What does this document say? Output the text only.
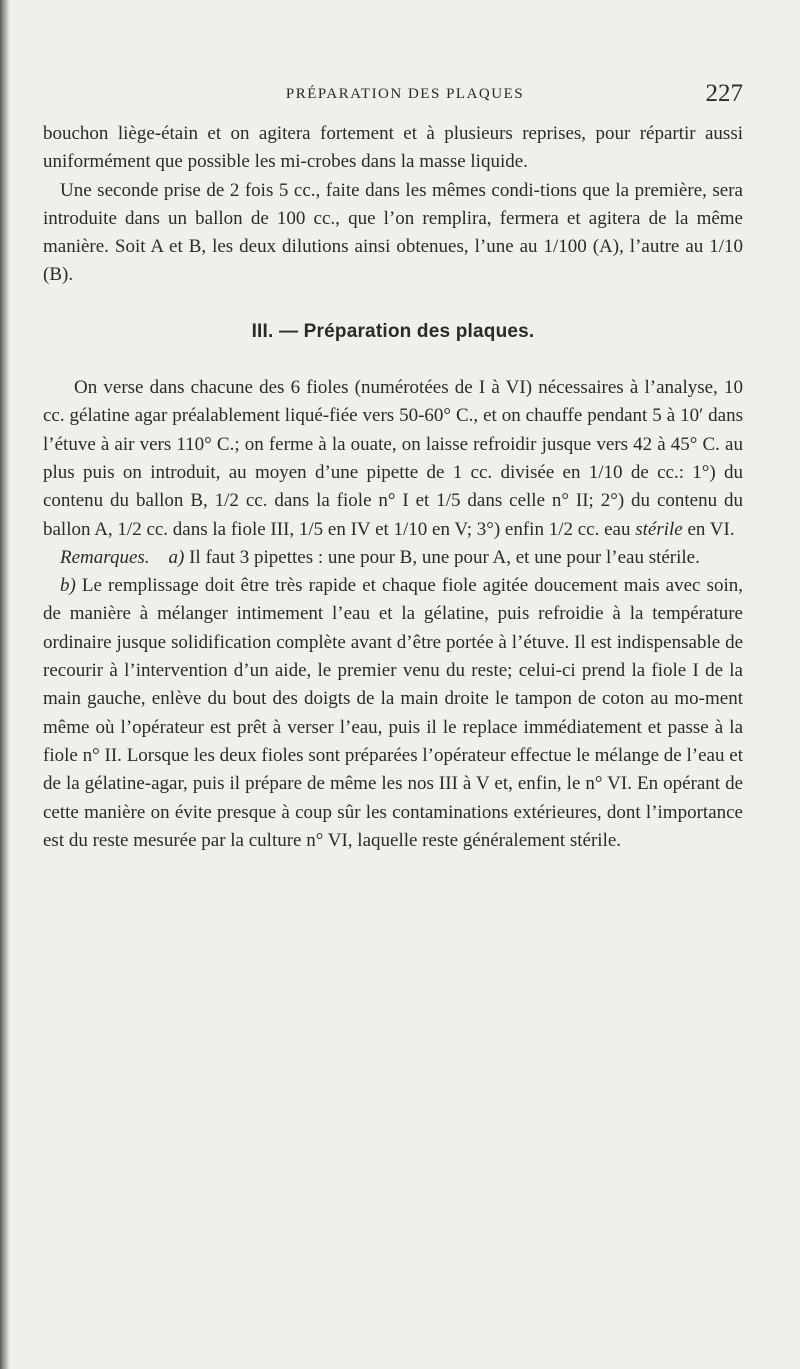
PRÉPARATION DES PLAQUES	227

bouchon liège-étain et on agitera fortement et à plusieurs reprises, pour répartir aussi uniformément que possible les mi-crobes dans la masse liquide.

Une seconde prise de 2 fois 5 cc., faite dans les mêmes condi-tions que la première, sera introduite dans un ballon de 100 cc., que l’on remplira, fermera et agitera de la même manière. Soit A et B, les deux dilutions ainsi obtenues, l’une au 1/100 (A), l’autre au 1/10 (B).

III. — Préparation des plaques.

On verse dans chacune des 6 fioles (numérotées de I à VI) nécessaires à l’analyse, 10 cc. gélatine agar préalablement liqué-fiée vers 50-60° C., et on chauffe pendant 5 à 10′ dans l’étuve à air vers 110° C.; on ferme à la ouate, on laisse refroidir jusque vers 42 à 45° C. au plus puis on introduit, au moyen d’une pipette de 1 cc. divisée en 1/10 de cc.: 1°) du contenu du ballon B, 1/2 cc. dans la fiole n° I et 1/5 dans celle n° II; 2°) du contenu du ballon A, 1/2 cc. dans la fiole III, 1/5 en IV et 1/10 en V; 3°) enfin 1/2 cc. eau stérile en VI.

Remarques. a) Il faut 3 pipettes : une pour B, une pour A, et une pour l’eau stérile.

b) Le remplissage doit être très rapide et chaque fiole agitée doucement mais avec soin, de manière à mélanger intimement l’eau et la gélatine, puis refroidie à la température ordinaire jusque solidification complète avant d’être portée à l’étuve. Il est indispensable de recourir à l’intervention d’un aide, le premier venu du reste; celui-ci prend la fiole I de la main gauche, enlève du bout des doigts de la main droite le tampon de coton au mo-ment même où l’opérateur est prêt à verser l’eau, puis il le replace immédiatement et passe à la fiole n° II. Lorsque les deux fioles sont préparées l’opérateur effectue le mélange de l’eau et de la gélatine-agar, puis il prépare de même les nos III à V et, enfin, le n° VI. En opérant de cette manière on évite presque à coup sûr les contaminations extérieures, dont l’importance est du reste mesurée par la culture n° VI, laquelle reste généralement stérile.
